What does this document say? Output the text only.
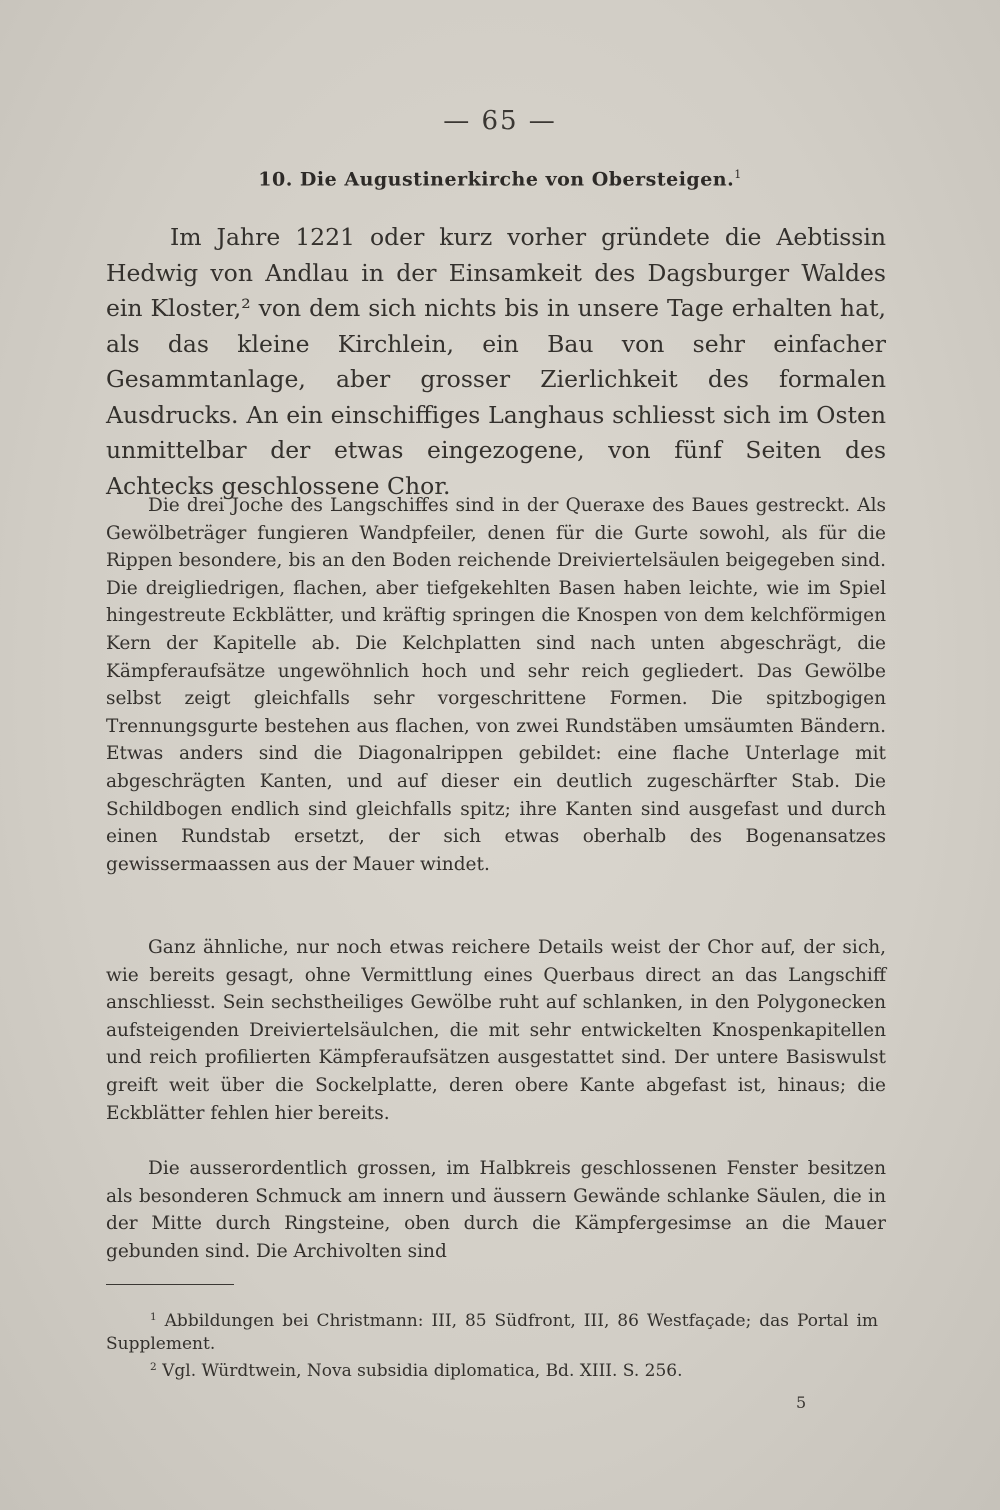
— 65 —
10. Die Augustinerkirche von Obersteigen.$^1$

Im Jahre 1221 oder kurz vorher gründete die Aebtissin Hedwig von Andlau in der Einsamkeit des Dagsburger Waldes ein Kloster,² von dem sich nichts bis in unsere Tage erhalten hat, als das kleine Kirchlein, ein Bau von sehr einfacher Gesammtanlage, aber grosser Zierlichkeit des formalen Ausdrucks. An ein einschiffiges Langhaus schliesst sich im Osten unmittelbar der etwas eingezogene, von fünf Seiten des Achtecks geschlossene Chor.

Die drei Joche des Langschiffes sind in der Queraxe des Baues gestreckt. Als Gewölbeträger fungieren Wandpfeiler, denen für die Gurte sowohl, als für die Rippen besondere, bis an den Boden reichende Dreiviertelsäulen beigegeben sind. Die dreigliedrigen, flachen, aber tiefgekehlten Basen haben leichte, wie im Spiel hingestreute Eckblätter, und kräftig springen die Knospen von dem kelchförmigen Kern der Kapitelle ab. Die Kelchplatten sind nach unten abgeschrägt, die Kämpferaufsätze ungewöhnlich hoch und sehr reich gegliedert. Das Gewölbe selbst zeigt gleichfalls sehr vorgeschrittene Formen. Die spitzbogigen Trennungsgurte bestehen aus flachen, von zwei Rundstäben umsäumten Bändern. Etwas anders sind die Diagonalrippen gebildet: eine flache Unterlage mit abgeschrägten Kanten, und auf dieser ein deutlich zugeschärfter Stab. Die Schildbogen endlich sind gleichfalls spitz; ihre Kanten sind ausgefast und durch einen Rundstab ersetzt, der sich etwas oberhalb des Bogenansatzes gewissermaassen aus der Mauer windet.

Ganz ähnliche, nur noch etwas reichere Details weist der Chor auf, der sich, wie bereits gesagt, ohne Vermittlung eines Querbaus direct an das Langschiff anschliesst. Sein sechstheiliges Gewölbe ruht auf schlanken, in den Polygonecken aufsteigenden Dreiviertelsäulchen, die mit sehr entwickelten Knospenkapitellen und reich profilierten Kämpferaufsätzen ausgestattet sind. Der untere Basiswulst greift weit über die Sockelplatte, deren obere Kante abgefast ist, hinaus; die Eckblätter fehlen hier bereits.

Die ausserordentlich grossen, im Halbkreis geschlossenen Fenster besitzen als besonderen Schmuck am innern und äussern Gewände schlanke Säulen, die in der Mitte durch Ringsteine, oben durch die Kämpfergesimse an die Mauer gebunden sind. Die Archivolten sind

$^1$ Abbildungen bei Christmann: III, 85 Südfront, III, 86 Westfaçade; das Portal im Supplement.

$^2$ Vgl. Würdtwein, Nova subsidia diplomatica, Bd. XIII. S. 256.

5
